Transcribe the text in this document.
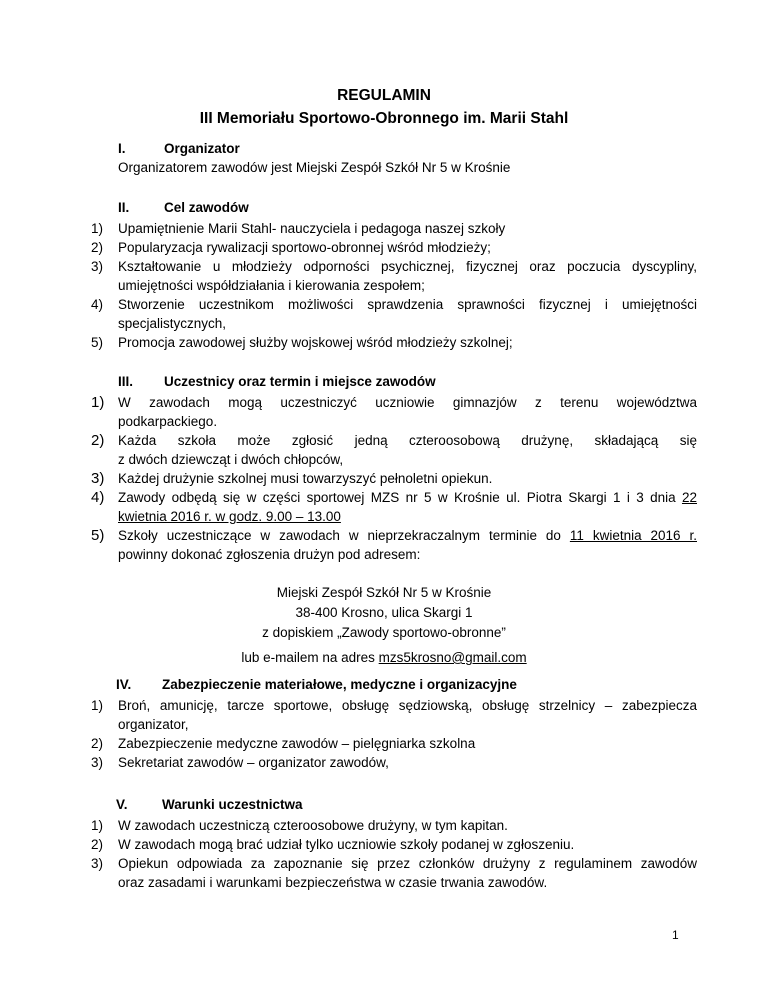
REGULAMIN
III Memoriału Sportowo-Obronnego im. Marii Stahl
I.	Organizator
Organizatorem zawodów jest Miejski Zespół Szkół Nr 5 w Krośnie
II.	Cel zawodów
1) Upamiętnienie Marii Stahl- nauczyciela i pedagoga naszej szkoły
2) Popularyzacja rywalizacji sportowo-obronnej wśród młodzieży;
3) Kształtowanie u młodzieży odporności psychicznej, fizycznej oraz poczucia dyscypliny,
umiejętności współdziałania i kierowania zespołem;
4) Stworzenie uczestnikom możliwości sprawdzenia sprawności fizycznej i umiejętności
specjalistycznych,
5) Promocja zawodowej służby wojskowej wśród młodzieży szkolnej;
III. Uczestnicy oraz termin i miejsce zawodów
1) W zawodach mogą uczestniczyć uczniowie gimnazjów z terenu województwa
podkarpackiego.
2) Każda szkoła może zgłosić jedną czteroosobową drużynę, składającą się
z dwóch dziewcząt i dwóch chłopców,
3) Każdej drużynie szkolnej musi towarzyszyć pełnoletni opiekun.
4) Zawody odbędą się w części sportowej MZS nr 5 w Krośnie ul. Piotra Skargi 1 i 3 dnia 22
kwietnia 2016 r. w godz. 9.00 – 13.00
5) Szkoły uczestniczące w zawodach w nieprzekraczalnym terminie do 11 kwietnia 2016 r.
powinny dokonać zgłoszenia drużyn pod adresem:
Miejski Zespół Szkół Nr 5 w Krośnie
38-400 Krosno, ulica Skargi 1
z dopiskiem „Zawody sportowo-obronne”
lub e-mailem na adres mzs5krosno@gmail.com
IV. Zabezpieczenie materiałowe, medyczne i organizacyjne
1) Broń, amunicję, tarcze sportowe, obsługę sędziowską, obsługę strzelnicy – zabezpiecza
organizator,
2) Zabezpieczenie medyczne zawodów – pielęgniarka szkolna
3) Sekretariat zawodów – organizator zawodów,
V.	Warunki uczestnictwa
1) W zawodach uczestniczą czteroosobowe drużyny, w tym kapitan.
2) W zawodach mogą brać udział tylko uczniowie szkoły podanej w zgłoszeniu.
3) Opiekun odpowiada za zapoznanie się przez członków drużyny z regulaminem zawodów
oraz zasadami i warunkami bezpieczeństwa w czasie trwania zawodów.
1
